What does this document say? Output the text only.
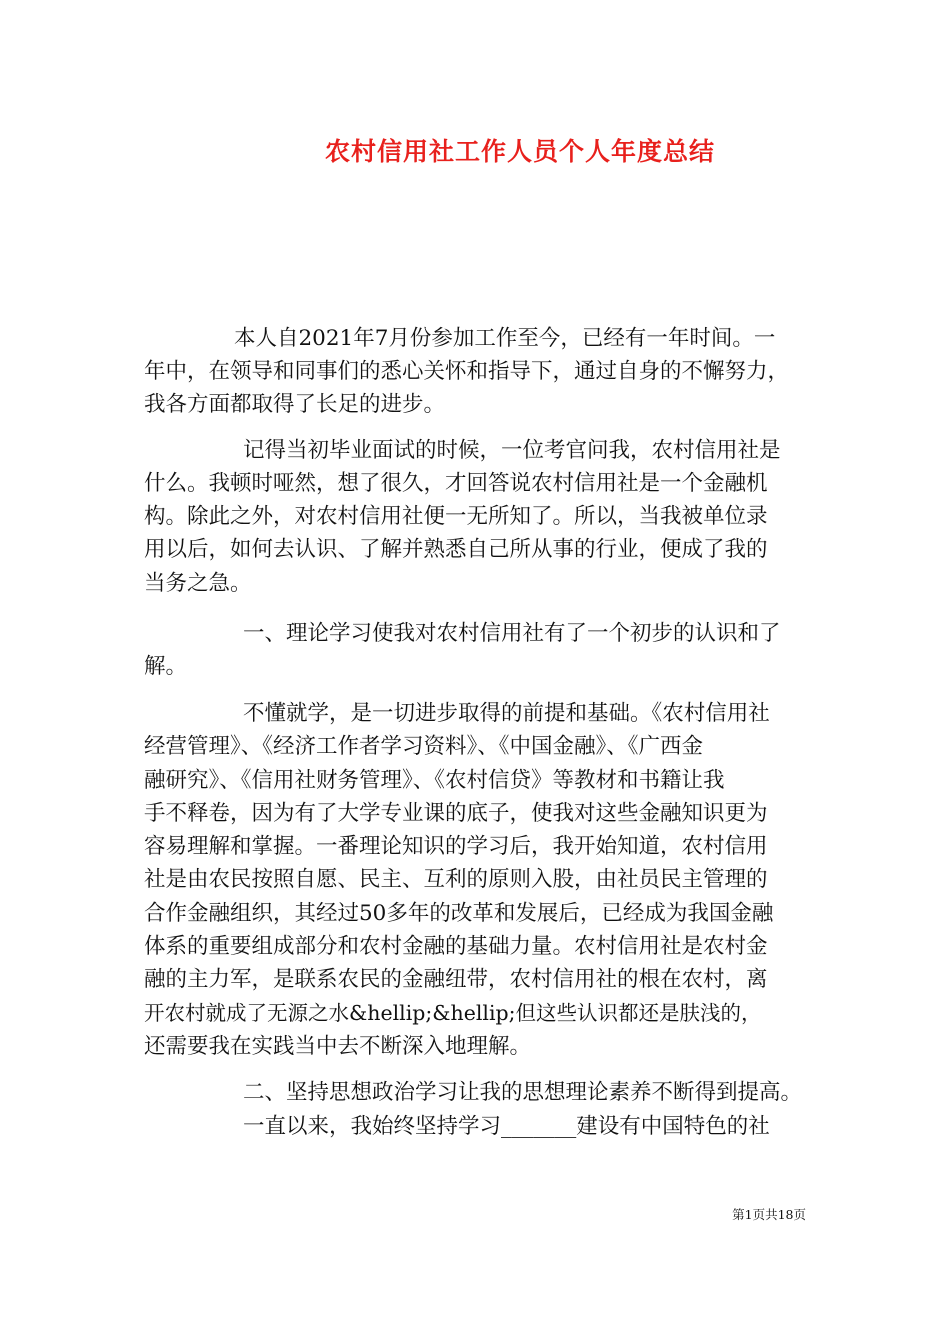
农村信用社工作人员个人年度总结
本人自2021年7月份参加工作至今，已经有一年时间。一
年中，在领导和同事们的悉心关怀和指导下，通过自身的不懈努力，
我各方面都取得了长足的进步。
记得当初毕业面试的时候，一位考官问我，农村信用社是
什么。我顿时哑然，想了很久，才回答说农村信用社是一个金融机
构。除此之外，对农村信用社便一无所知了。所以，当我被单位录
用以后，如何去认识、了解并熟悉自己所从事的行业，便成了我的
当务之急。
一、理论学习使我对农村信用社有了一个初步的认识和了
解。
不懂就学，是一切进步取得的前提和基础。《农村信用社
经营管理》、《经济工作者学习资料》、《中国金融》、《广西金
融研究》、《信用社财务管理》、《农村信贷》等教材和书籍让我
手不释卷，因为有了大学专业课的底子，使我对这些金融知识更为
容易理解和掌握。一番理论知识的学习后，我开始知道，农村信用
社是由农民按照自愿、民主、互利的原则入股，由社员民主管理的
合作金融组织，其经过50多年的改革和发展后，已经成为我国金融
体系的重要组成部分和农村金融的基础力量。农村信用社是农村金
融的主力军，是联系农民的金融纽带，农村信用社的根在农村，离
开农村就成了无源之水&hellip;&hellip;但这些认识都还是肤浅的，
还需要我在实践当中去不断深入地理解。
二、坚持思想政治学习让我的思想理论素养不断得到提高。
一直以来，我始终坚持学习_______建设有中国特色的社
第1页共18页
